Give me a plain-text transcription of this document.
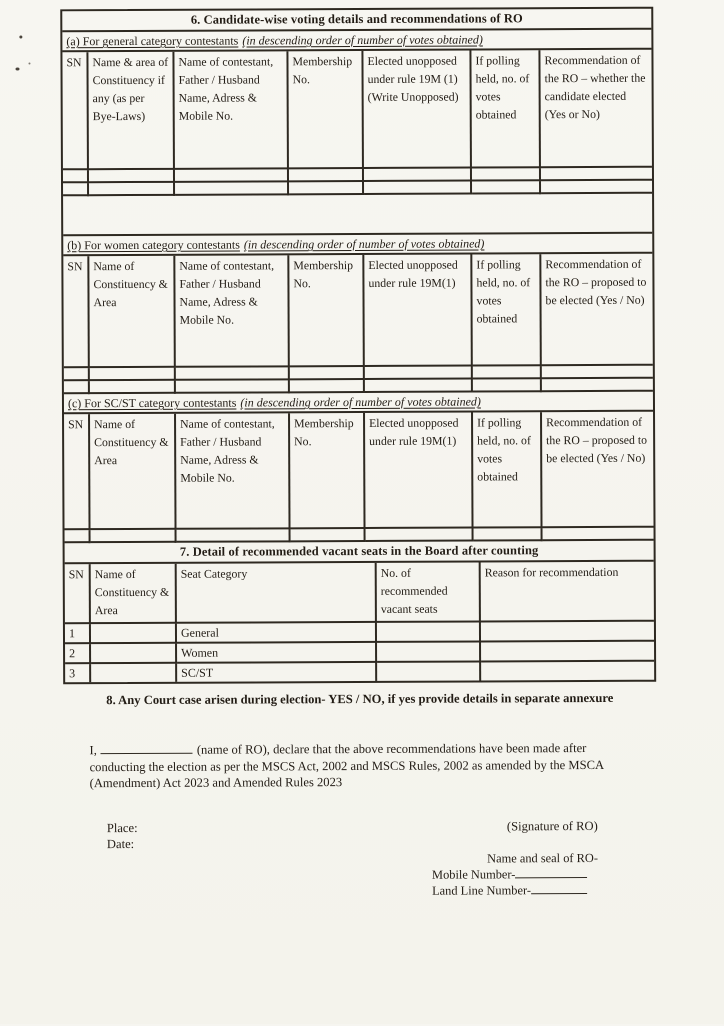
6. Candidate-wise voting details and recommendations of RO
(a) For general category contestants (in descending order of number of votes obtained)
SN	Name & area of Constituency if any (as per Bye-Laws)	Name of contestant, Father / Husband Name, Adress & Mobile No.	Membership No.	Elected unopposed under rule 19M (1) (Write Unopposed)	If polling held, no. of votes obtained	Recommendation of the RO – whether the candidate elected (Yes or No)

(b) For women category contestants (in descending order of number of votes obtained)
SN	Name of Constituency & Area	Name of contestant, Father / Husband Name, Adress & Mobile No.	Membership No.	Elected unopposed under rule 19M(1)	If polling held, no. of votes obtained	Recommendation of the RO – proposed to be elected (Yes / No)

(c) For SC/ST category contestants (in descending order of number of votes obtained)
SN	Name of Constituency & Area	Name of contestant, Father / Husband Name, Adress & Mobile No.	Membership No.	Elected unopposed under rule 19M(1)	If polling held, no. of votes obtained	Recommendation of the RO – proposed to be elected (Yes / No)

7. Detail of recommended vacant seats in the Board after counting
SN	Name of Constituency & Area	Seat Category	No. of recommended vacant seats	Reason for recommendation
1		General		
2		Women		
3		SC/ST		

8. Any Court case arisen during election- YES / NO, if yes provide details in separate annexure

I,	(name of RO), declare that the above recommendations have been made after conducting the election as per the MSCS Act, 2002 and MSCS Rules, 2002 as amended by the MSCA (Amendment) Act 2023 and Amended Rules 2023

Place:
Date:
(Signature of RO)
Name and seal of RO-
Mobile Number-
Land Line Number-
